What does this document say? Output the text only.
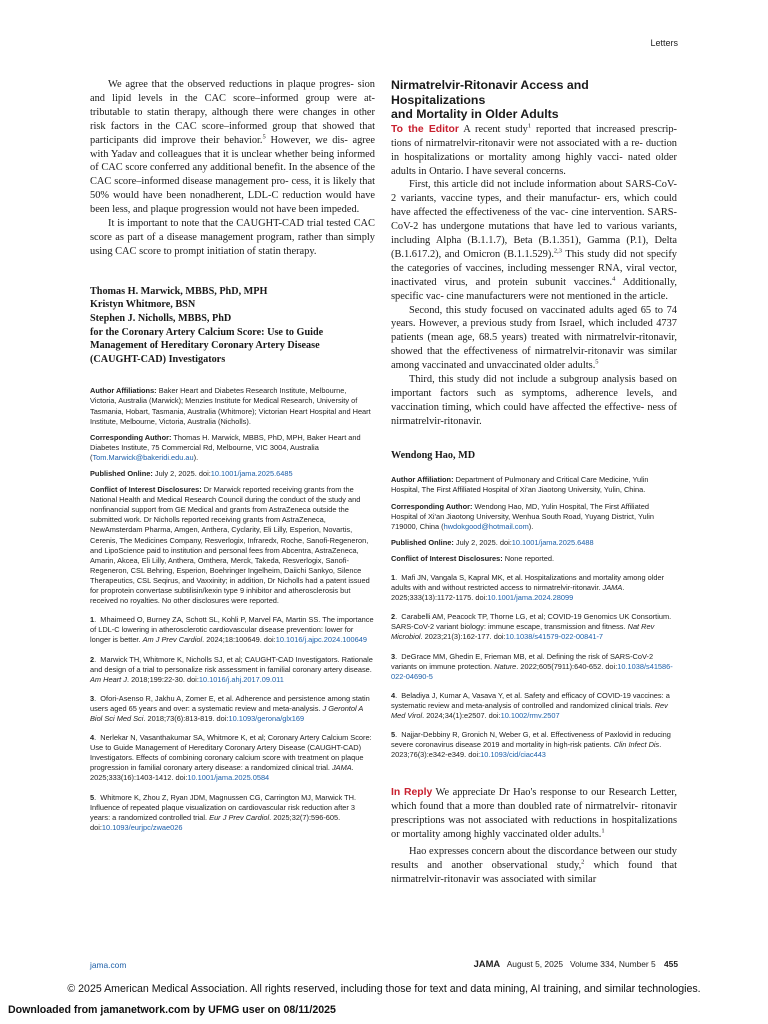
Letters

We agree that the observed reductions in plaque progres- sion and lipid levels in the CAC score–informed group were at- tributable to statin therapy, although there were changes in other risk factors in the CAC score–informed group that showed that participants did improve their behavior.$^5$ However, we dis- agree with Yadav and colleagues that it is unclear whether being informed of CAC score conferred any additional benefit. In the absence of the CAC score–informed disease management pro- cess, it is likely that 50% would have been nonadherent, LDL-C reduction would have been less, and plaque progression would not have been impeded.

It is important to note that the CAUGHT-CAD trial tested CAC score as part of a disease management program, rather than simply using CAC score to prompt initiation of statin therapy.

Thomas H. Marwick, MBBS, PhD, MPH
Kristyn Whitmore, BSN
Stephen J. Nicholls, MBBS, PhD
for the Coronary Artery Calcium Score: Use to Guide
Management of Hereditary Coronary Artery Disease
(CAUGHT-CAD) Investigators

Author Affiliations: Baker Heart and Diabetes Research Institute, Melbourne, Victoria, Australia (Marwick); Menzies Institute for Medical Research, University of Tasmania, Hobart, Tasmania, Australia (Whitmore); Victorian Heart Hospital and Heart Institute, Melbourne, Victoria, Australia (Nicholls).

Corresponding Author: Thomas H. Marwick, MBBS, PhD, MPH, Baker Heart and Diabetes Institute, 75 Commercial Rd, Melbourne, VIC 3004, Australia (Tom.Marwick@bakeridi.edu.au).

Published Online: July 2, 2025. doi:10.1001/jama.2025.6485

Conflict of Interest Disclosures: Dr Marwick reported receiving grants from the National Health and Medical Research Council during the conduct of the study and nonfinancial support from GE Medical and grants from AstraZeneca outside the submitted work. Dr Nicholls reported receiving grants from AstraZeneca, NewAmsterdam Pharma, Amgen, Anthera, Cyclarity, Eli Lilly, Esperion, Novartis, Cerenis, The Medicines Company, Resverlogix, Infraredx, Roche, Sanofi-Regeneron, and LipoScience paid to institution and personal fees from Abcentra, AstraZeneca, Amarin, Akcea, Eli Lilly, Anthera, Omthera, Merck, Takeda, Resverlogix, Sanofi-Regeneron, CSL Behring, Esperion, Boehringer Ingelheim, Daiichi Sankyo, Silence Therapeutics, CSL Seqirus, and Vaxxinity; in addition, Dr Nicholls had a patent issued for proprotein convertase subtilisin/kexin type 9 inhibitor and atherosclerosis but received no royalties. No other disclosures were reported.

1.  Mhaimeed O, Burney ZA, Schott SL, Kohli P, Marvel FA, Martin SS. The importance of LDL-C lowering in atherosclerotic cardiovascular disease prevention: lower for longer is better. Am J Prev Cardiol. 2024;18:100649. doi:10.1016/j.ajpc.2024.100649

2.  Marwick TH, Whitmore K, Nicholls SJ, et al; CAUGHT-CAD Investigators. Rationale and design of a trial to personalize risk assessment in familial coronary artery disease. Am Heart J. 2018;199:22-30. doi:10.1016/j.ahj.2017.09.011

3.  Ofori-Asenso R, Jakhu A, Zomer E, et al. Adherence and persistence among statin users aged 65 years and over: a systematic review and meta-analysis. J Gerontol A Biol Sci Med Sci. 2018;73(6):813-819. doi:10.1093/gerona/glx169

4.  Nerlekar N, Vasanthakumar SA, Whitmore K, et al; Coronary Artery Calcium Score: Use to Guide Management of Hereditary Coronary Artery Disease (CAUGHT-CAD) Investigators. Effects of combining coronary calcium score with treatment on plaque progression in familial coronary artery disease: a randomized clinical trial. JAMA. 2025;333(16):1403-1412. doi:10.1001/jama.2025.0584

5.  Whitmore K, Zhou Z, Ryan JDM, Magnussen CG, Carrington MJ, Marwick TH. Influence of repeated plaque visualization on cardiovascular risk reduction after 3 years: a randomized controlled trial. Eur J Prev Cardiol. 2025;32(7):596-605. doi:10.1093/eurjpc/zwae026

Nirmatrelvir-Ritonavir Access and Hospitalizations
and Mortality in Older Adults

To the Editor A recent study$^1$ reported that increased prescrip- tions of nirmatrelvir-ritonavir were not associated with a re- duction in hospitalizations or mortality among highly vacci- nated older adults in Ontario. I have several concerns.

First, this article did not include information about SARS-CoV-2 variants, vaccine types, and their manufactur- ers, which could have affected the effectiveness of the vac- cine intervention. SARS-CoV-2 has undergone mutations that have led to various variants, including Alpha (B.1.1.7), Beta (B.1.351), Gamma (P.1), Delta (B.1.617.2), and Omicron (B.1.1.529).$^{2,3}$ This study did not specify the categories of vaccines, including messenger RNA, viral vector, inactivated virus, and protein subunit vaccines.$^4$ Additionally, specific vac- cine manufacturers were not mentioned in the article.

Second, this study focused on vaccinated adults aged 65 to 74 years. However, a previous study from Israel, which included 4737 patients (mean age, 68.5 years) treated with nirmatrelvir-ritonavir, showed that the effectiveness of nirmatrelvir-ritonavir was similar among vaccinated and unvaccinated older adults.$^5$

Third, this study did not include a subgroup analysis based on important factors such as symptoms, adherence levels, and vaccination timing, which could have affected the effective- ness of nirmatrelvir-ritonavir.

Wendong Hao, MD

Author Affiliation: Department of Pulmonary and Critical Care Medicine, Yulin Hospital, The First Affiliated Hospital of Xi'an Jiaotong University, Yulin, China.

Corresponding Author: Wendong Hao, MD, Yulin Hospital, The First Affiliated Hospital of Xi'an Jiaotong University, Wenhua South Road, Yuyang District, Yulin 719000, China (hwdokgood@hotmail.com).

Published Online: July 2, 2025. doi:10.1001/jama.2025.6488

Conflict of Interest Disclosures: None reported.

1.  Mafi JN, Vangala S, Kapral MK, et al. Hospitalizations and mortality among older adults with and without restricted access to nirmatrelvir-ritonavir. JAMA. 2025;333(13):1172-1175. doi:10.1001/jama.2024.28099

2.  Carabelli AM, Peacock TP, Thorne LG, et al; COVID-19 Genomics UK Consortium. SARS-CoV-2 variant biology: immune escape, transmission and fitness. Nat Rev Microbiol. 2023;21(3):162-177. doi:10.1038/s41579-022-00841-7

3.  DeGrace MM, Ghedin E, Frieman MB, et al. Defining the risk of SARS-CoV-2 variants on immune protection. Nature. 2022;605(7911):640-652. doi:10.1038/s41586-022-04690-5

4.  Beladiya J, Kumar A, Vasava Y, et al. Safety and efficacy of COVID-19 vaccines: a systematic review and meta-analysis of controlled and randomized clinical trials. Rev Med Virol. 2024;34(1):e2507. doi:10.1002/rmv.2507

5.  Najjar-Debbiny R, Gronich N, Weber G, et al. Effectiveness of Paxlovid in reducing severe coronavirus disease 2019 and mortality in high-risk patients. Clin Infect Dis. 2023;76(3):e342-e349. doi:10.1093/cid/ciac443

In Reply We appreciate Dr Hao's response to our Research Letter, which found that a more than doubled rate of nirmatrelvir- ritonavir prescriptions was not associated with reductions in hospitalizations or mortality among highly vaccinated older adults.$^1$

Hao expresses concern about the discordance between our study results and another observational study,$^2$ which found that nirmatrelvir-ritonavir was associated with similar

jama.com	JAMA August 5, 2025   Volume 334, Number 5 455
© 2025 American Medical Association. All rights reserved, including those for text and data mining, AI training, and similar technologies.
Downloaded from jamanetwork.com by UFMG user on 08/11/2025
